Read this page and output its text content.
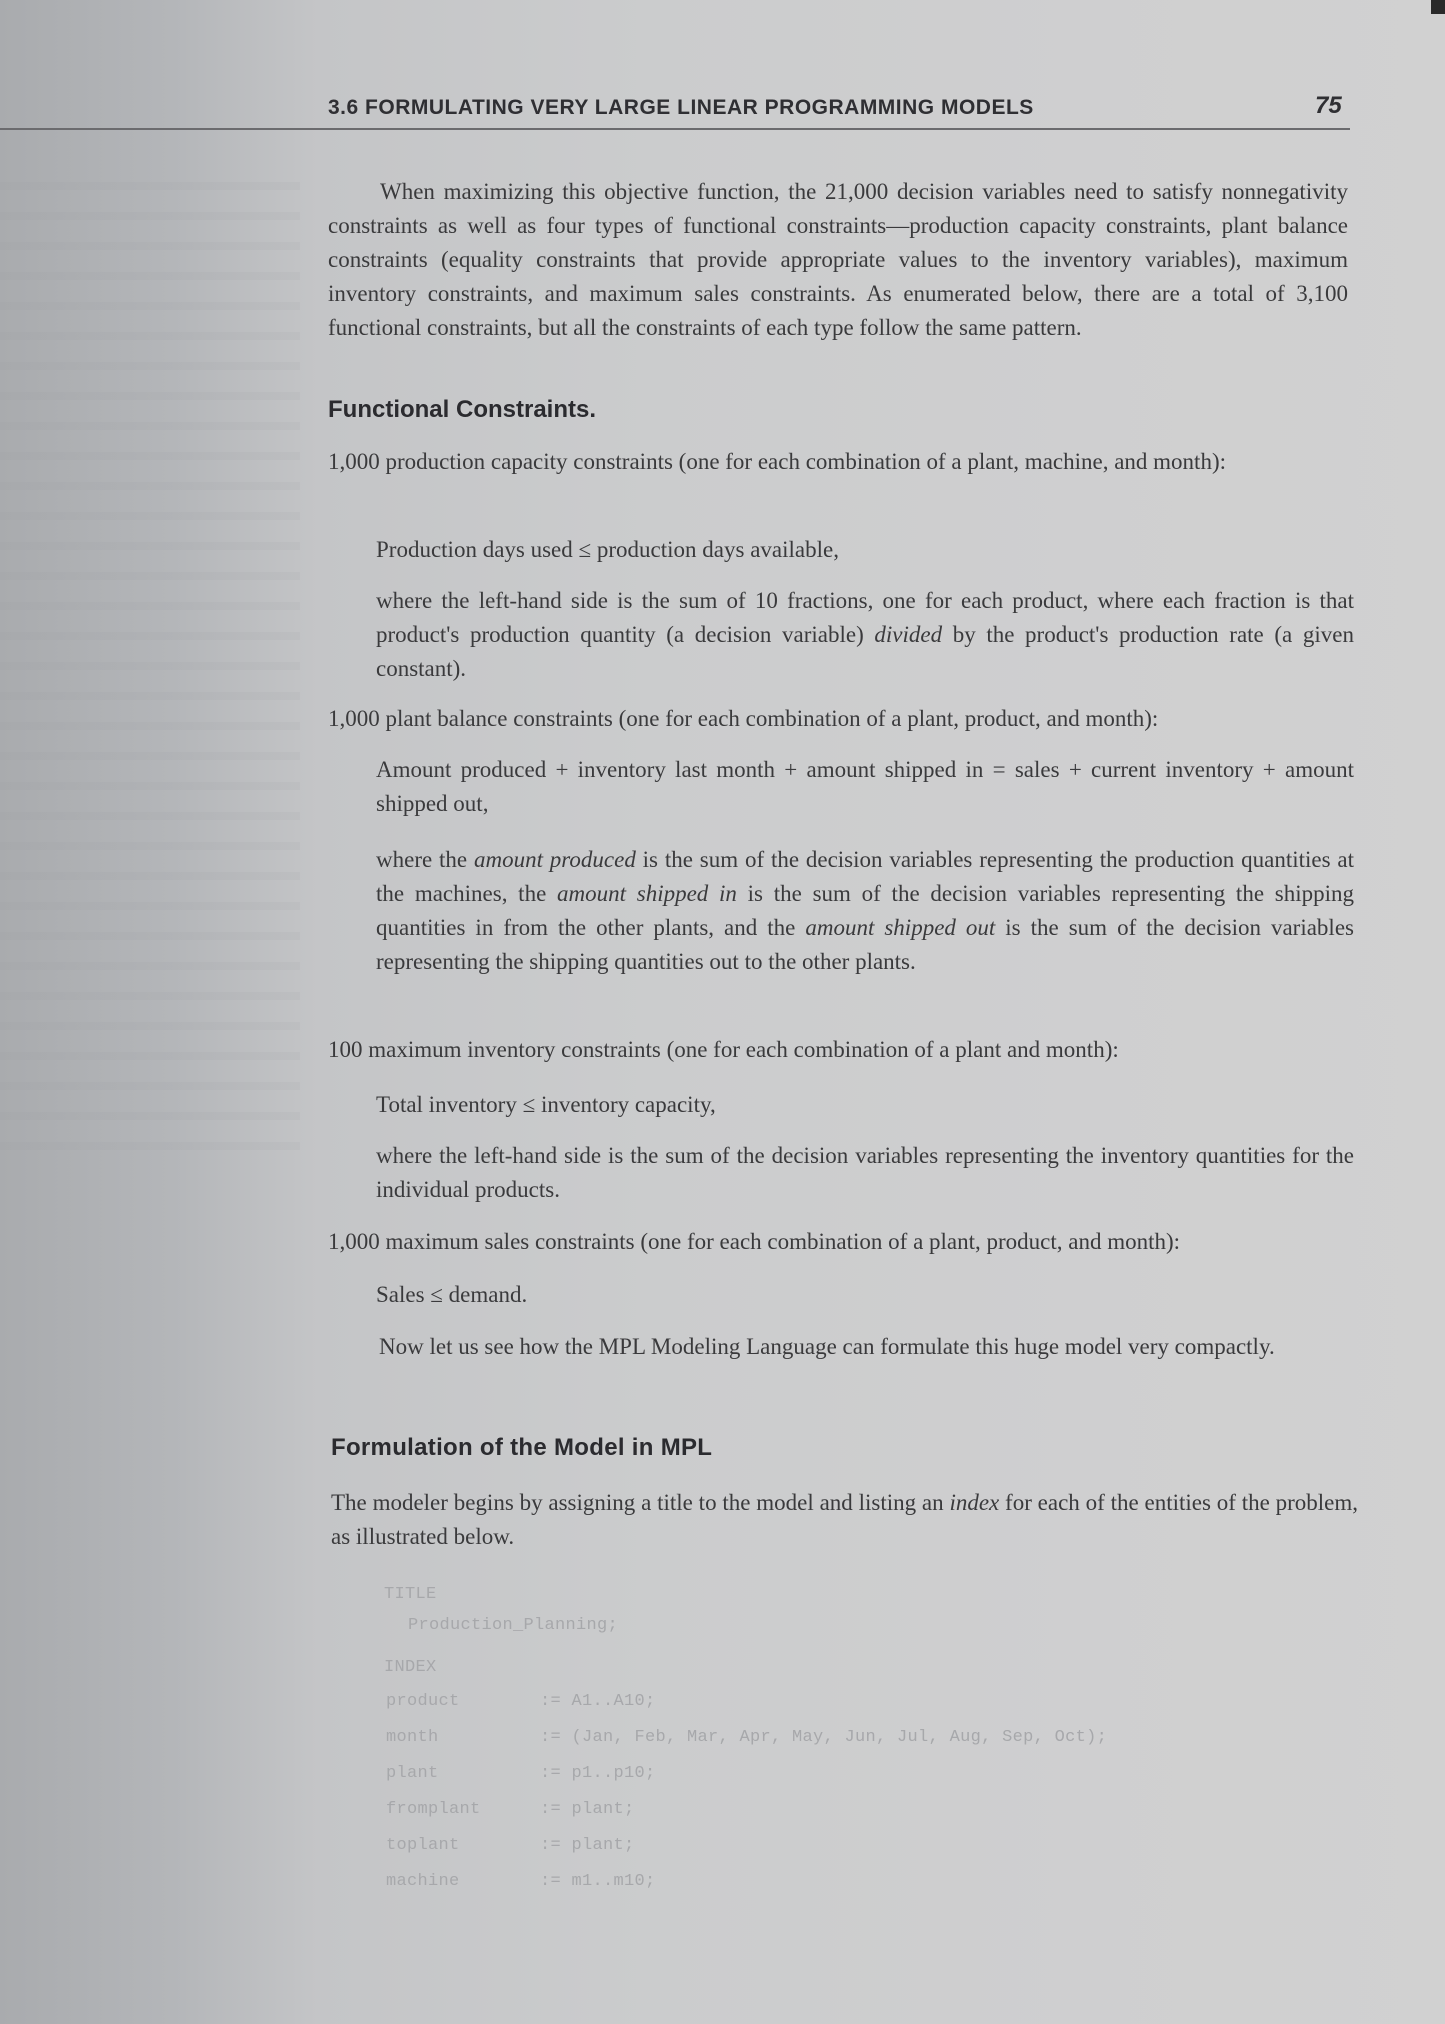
3.6 FORMULATING VERY LARGE LINEAR PROGRAMMING MODELS	75

When maximizing this objective function, the 21,000 decision variables need to satisfy nonnegativity constraints as well as four types of functional constraints—production capacity constraints, plant balance constraints (equality constraints that provide appropriate values to the inventory variables), maximum inventory constraints, and maximum sales constraints. As enumerated below, there are a total of 3,100 functional constraints, but all the constraints of each type follow the same pattern.

Functional Constraints.

1,000 production capacity constraints (one for each combination of a plant, machine, and month):

Production days used ≤ production days available,

where the left-hand side is the sum of 10 fractions, one for each product, where each fraction is that product's production quantity (a decision variable) divided by the product's production rate (a given constant).

1,000 plant balance constraints (one for each combination of a plant, product, and month):

Amount produced + inventory last month + amount shipped in = sales + current inventory + amount shipped out,

where the amount produced is the sum of the decision variables representing the production quantities at the machines, the amount shipped in is the sum of the decision variables representing the shipping quantities in from the other plants, and the amount shipped out is the sum of the decision variables representing the shipping quantities out to the other plants.

100 maximum inventory constraints (one for each combination of a plant and month):

Total inventory ≤ inventory capacity,

where the left-hand side is the sum of the decision variables representing the inventory quantities for the individual products.

1,000 maximum sales constraints (one for each combination of a plant, product, and month):

Sales ≤ demand.

Now let us see how the MPL Modeling Language can formulate this huge model very compactly.

Formulation of the Model in MPL

The modeler begins by assigning a title to the model and listing an index for each of the entities of the problem, as illustrated below.

TITLE
Production_Planning;
INDEX
product	:= A1..A10;
month	:= (Jan, Feb, Mar, Apr, May, Jun, Jul, Aug, Sep, Oct);
plant	:= p1..p10;
fromplant	:= plant;
toplant	:= plant;
machine	:= m1..m10;
